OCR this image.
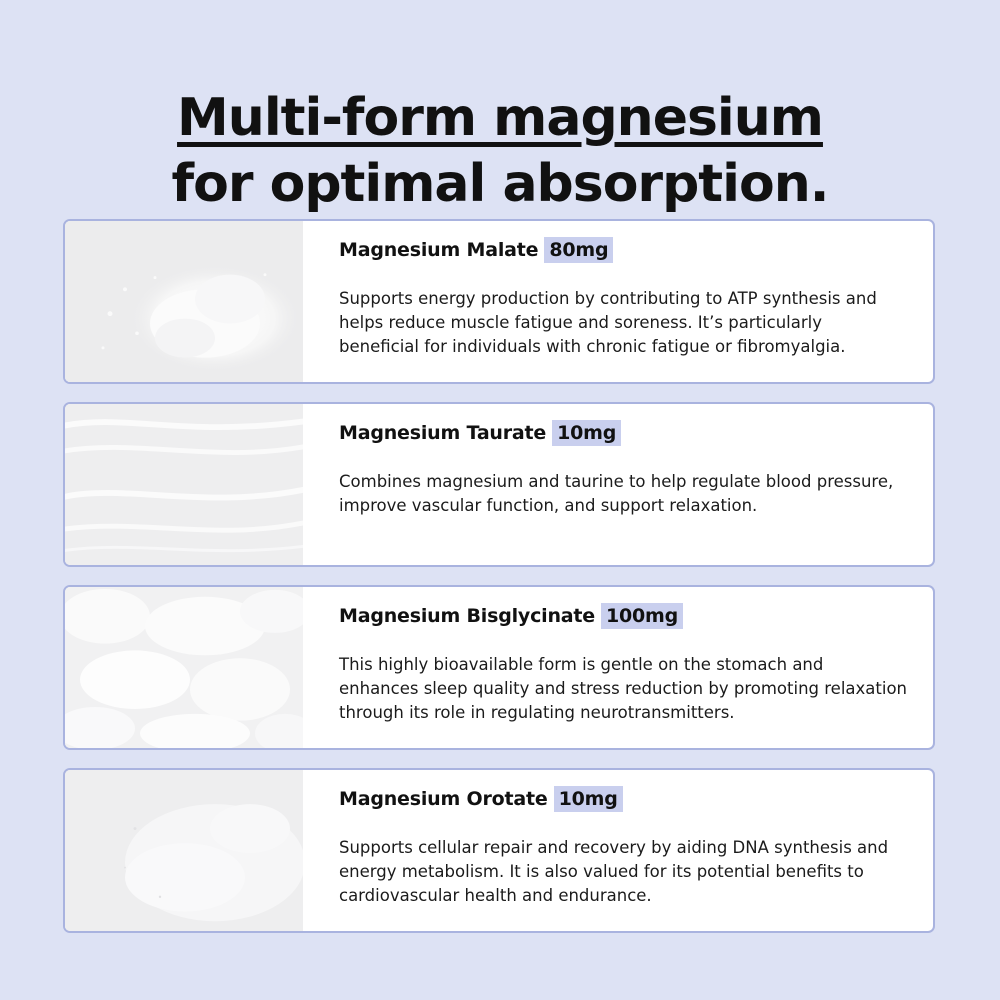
Multi-form magnesium
for optimal absorption.
Magnesium Malate 80mg
Supports energy production by contributing to ATP synthesis and helps reduce muscle fatigue and soreness. It’s particularly beneficial for individuals with chronic fatigue or fibromyalgia.
Magnesium Taurate 10mg
Combines magnesium and taurine to help regulate blood pressure, improve vascular function, and support relaxation.
Magnesium Bisglycinate 100mg
This highly bioavailable form is gentle on the stomach and enhances sleep quality and stress reduction by promoting relaxation through its role in regulating neurotransmitters.
Magnesium Orotate 10mg
Supports cellular repair and recovery by aiding DNA synthesis and energy metabolism. It is also valued for its potential benefits to cardiovascular health and endurance.
